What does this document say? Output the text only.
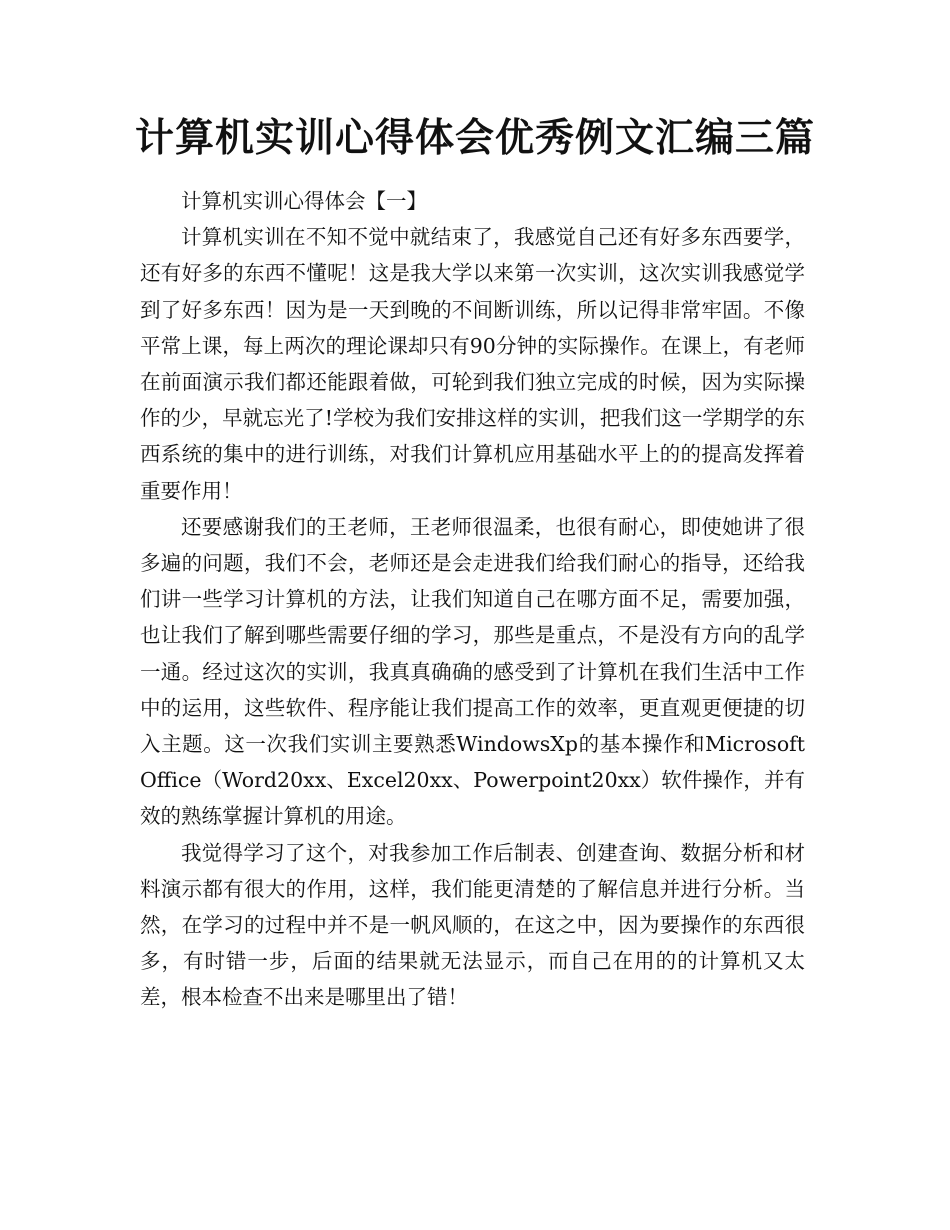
计算机实训心得体会优秀例文汇编三篇

计算机实训心得体会【一】

计算机实训在不知不觉中就结束了，我感觉自己还有好多东西要学，还有好多的东西不懂呢！这是我大学以来第一次实训，这次实训我感觉学到了好多东西！因为是一天到晚的不间断训练，所以记得非常牢固。不像平常上课，每上两次的理论课却只有90分钟的实际操作。在课上，有老师在前面演示我们都还能跟着做，可轮到我们独立完成的时候，因为实际操作的少，早就忘光了!学校为我们安排这样的实训，把我们这一学期学的东西系统的集中的进行训练，对我们计算机应用基础水平上的的提高发挥着重要作用！

还要感谢我们的王老师，王老师很温柔，也很有耐心，即使她讲了很多遍的问题，我们不会，老师还是会走进我们给我们耐心的指导，还给我们讲一些学习计算机的方法，让我们知道自己在哪方面不足，需要加强，也让我们了解到哪些需要仔细的学习，那些是重点，不是没有方向的乱学一通。经过这次的实训，我真真确确的感受到了计算机在我们生活中工作中的运用，这些软件、程序能让我们提高工作的效率，更直观更便捷的切入主题。这一次我们实训主要熟悉WindowsXp的基本操作和MicrosoftOffice（Word20xx、Excel20xx、Powerpoint20xx）软件操作，并有效的熟练掌握计算机的用途。

我觉得学习了这个，对我参加工作后制表、创建查询、数据分析和材料演示都有很大的作用，这样，我们能更清楚的了解信息并进行分析。当然，在学习的过程中并不是一帆风顺的，在这之中，因为要操作的东西很多，有时错一步，后面的结果就无法显示，而自己在用的的计算机又太差，根本检查不出来是哪里出了错！
